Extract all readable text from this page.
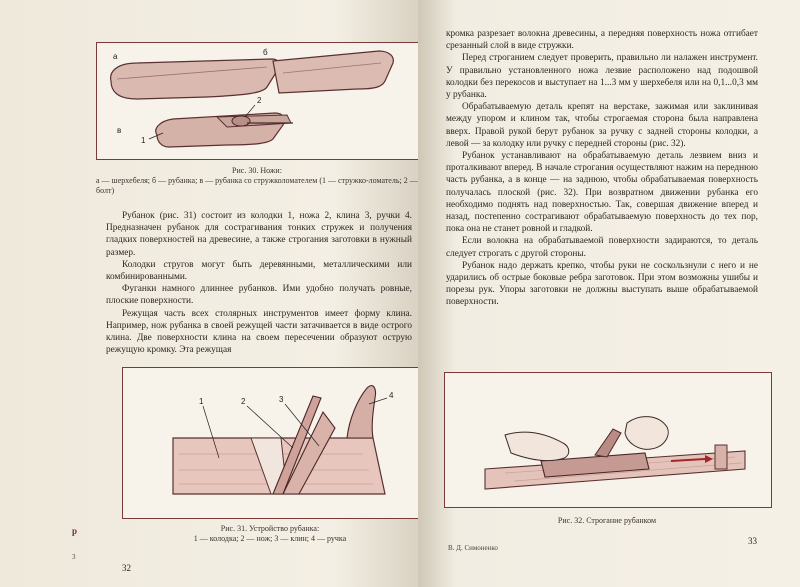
а	б
в
2
1
Рис. 30. Ножи:
а — шерхебеля; б — рубанка; в — рубанка со стружколомателем (1 — стружко-ломатель; 2 — болт)

Рубанок (рис. 31) состоит из колодки 1, ножа 2, клина 3, ручки 4. Предназначен рубанок для сострагивания тонких стружек и получения гладких поверхностей на древесине, а также строгания заготовки в нужный размер.

Колодки стругов могут быть деревянными, металлическими или комбинированными.

Фуганки намного длиннее рубанков. Ими удобно получать ровные, плоские поверхности.

Режущая часть всех столярных инструментов имеет форму клина. Например, нож рубанка в своей режущей части затачивается в виде острого клина. Две поверхности клина на своем пересечении образуют острую режущую кромку. Эта режущая

1	2	3	4
Рис. 31. Устройство рубанка:
1 — колодка; 2 — нож; 3 — клин; 4 — ручка
р
3
32

кромка разрезает волокна древесины, а передняя поверхность ножа отгибает срезанный слой в виде стружки.

Перед строганием следует проверить, правильно ли налажен инструмент. У правильно установленного ножа лезвие расположено над подошвой колодки без перекосов и выступает на 1...3 мм у шерхебеля или на 0,1...0,3 мм у рубанка.

Обрабатываемую деталь крепят на верстаке, зажимая или заклинивая между упором и клином так, чтобы строгаемая сторона была направлена вверх. Правой рукой берут рубанок за ручку с задней стороны колодки, а левой — за колодку или ручку с передней стороны (рис. 32).

Рубанок устанавливают на обрабатываемую деталь лезвием вниз и проталкивают вперед. В начале строгания осуществляют нажим на переднюю часть рубанка, а в конце — на заднюю, чтобы обрабатываемая поверхность получалась плоской (рис. 32). При возвратном движении рубанка его необходимо поднять над поверхностью. Так, совершая движение вперед и назад, постепенно сострагивают обрабатываемую поверхность до тех пор, пока она не станет ровной и гладкой.

Если волокна на обрабатываемой поверхности задираются, то деталь следует строгать с другой стороны.

Рубанок надо держать крепко, чтобы руки не соскользнули с него и не ударились об острые боковые ребра заготовок. При этом возможны ушибы и порезы рук. Упоры заготовки не должны выступать выше обрабатываемой поверхности.

Рис. 32. Строгание рубанком
В. Д. Симоненко
33
